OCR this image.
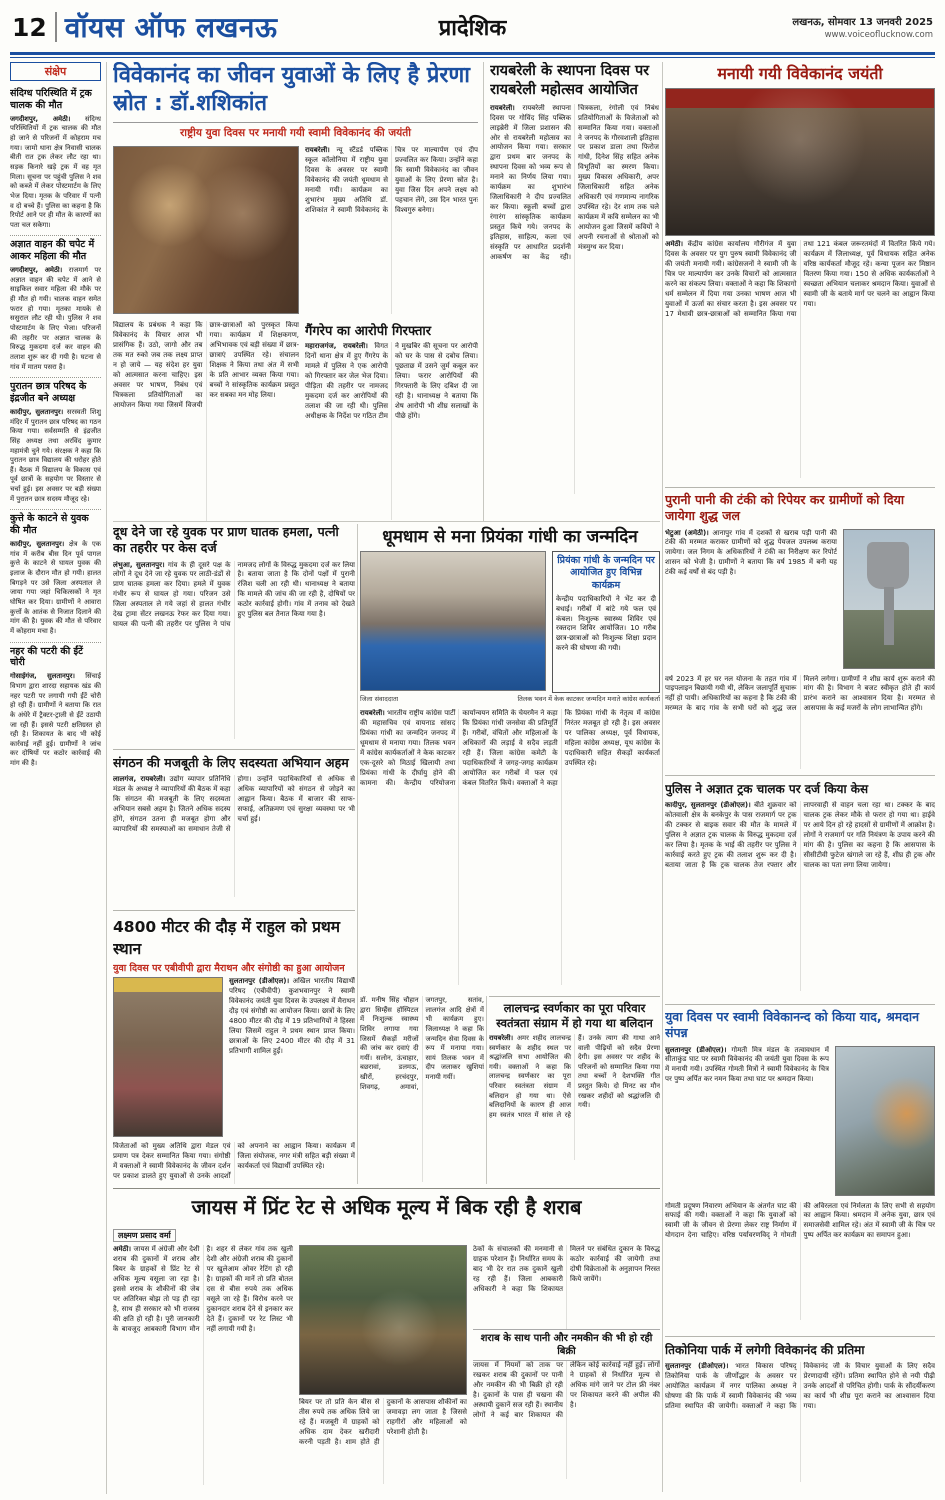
12 वॉयस ऑफ लखनऊ	प्रादेशिक	लखनऊ, सोमवार 13 जनवरी 2025
www.voiceoflucknow.com
संक्षेप
संदिग्ध परिस्थिति में ट्रक चालक की मौत

जगदीशपुर, अमेठी। संदिग्ध परिस्थितियों में ट्रक चालक की मौत हो जाने से परिजनों में कोहराम मच गया। जामो थाना क्षेत्र निवासी चालक बीती रात ट्रक लेकर लौट रहा था। सड़क किनारे खड़े ट्रक में वह मृत मिला। सूचना पर पहुंची पुलिस ने शव को कब्जे में लेकर पोस्टमार्टम के लिए भेज दिया। मृतक के परिवार में पत्नी व दो बच्चे हैं। पुलिस का कहना है कि रिपोर्ट आने पर ही मौत के कारणों का पता चल सकेगा।

अज्ञात वाहन की चपेट में आकर महिला की मौत

जगदीशपुर, अमेठी। राजमार्ग पर अज्ञात वाहन की चपेट में आने से साइकिल सवार महिला की मौके पर ही मौत हो गयी। चालक वाहन समेत फरार हो गया। मृतका मायके से ससुराल लौट रही थी। पुलिस ने शव पोस्टमार्टम के लिए भेजा। परिजनों की तहरीर पर अज्ञात चालक के विरुद्ध मुकदमा दर्ज कर वाहन की तलाश शुरू कर दी गयी है। घटना से गांव में मातम पसरा है।

पुरातन छात्र परिषद के इंद्रजीत बने अध्यक्ष

कादीपुर, सुलतानपुर। सरस्वती शिशु मंदिर में पुरातन छात्र परिषद का गठन किया गया। सर्वसम्मति से इंद्रजीत सिंह अध्यक्ष तथा अरविंद कुमार महामंत्री चुने गये। संरक्षक ने कहा कि पुरातन छात्र विद्यालय की धरोहर होते हैं। बैठक में विद्यालय के विकास एवं पूर्व छात्रों के सहयोग पर विस्तार से चर्चा हुई। इस अवसर पर बड़ी संख्या में पुरातन छात्र सदस्य मौजूद रहे।

कुत्ते के काटने से युवक की मौत

कादीपुर, सुलतानपुर। क्षेत्र के एक गांव में करीब बीस दिन पूर्व पागल कुत्ते के काटने से घायल युवक की इलाज के दौरान मौत हो गयी। हालत बिगड़ने पर उसे जिला अस्पताल ले जाया गया जहां चिकित्सकों ने मृत घोषित कर दिया। ग्रामीणों ने आवारा कुत्तों के आतंक से निजात दिलाने की मांग की है। युवक की मौत से परिवार में कोहराम मचा है।

नहर की पटरी की ईंटें चोरी

गोसाईगंज, सुलतानपुर। सिंचाई विभाग द्वारा शारदा सहायक खंड की नहर पटरी पर लगायी गयी ईंटें चोरी हो रही हैं। ग्रामीणों ने बताया कि रात के अंधेरे में ट्रैक्टर-ट्राली से ईंटें उठायी जा रही हैं। इससे पटरी क्षतिग्रस्त हो रही है। शिकायत के बाद भी कोई कार्रवाई नहीं हुई। ग्रामीणों ने जांच कर दोषियों पर कठोर कार्रवाई की मांग की है।

विवेकानंद का जीवन युवाओं के लिए है प्रेरणा स्रोत : डॉ.शशिकांत
राष्ट्रीय युवा दिवस पर मनायी गयी स्वामी विवेकानंद की जयंती

रायबरेली। न्यू स्टैंडर्ड पब्लिक स्कूल कॉलोनिया में राष्ट्रीय युवा दिवस के अवसर पर स्वामी विवेकानंद की जयंती धूमधाम से मनायी गयी। कार्यक्रम का शुभारंभ मुख्य अतिथि डॉ. शशिकांत ने स्वामी विवेकानंद के चित्र पर माल्यार्पण एवं दीप प्रज्वलित कर किया। उन्होंने कहा कि स्वामी विवेकानंद का जीवन युवाओं के लिए प्रेरणा स्रोत है। युवा जिस दिन अपने लक्ष्य को पहचान लेंगे, उस दिन भारत पुनः विश्वगुरु बनेगा।

विद्यालय के प्रबंधक ने कहा कि विवेकानंद के विचार आज भी प्रासंगिक हैं। उठो, जागो और तब तक मत रुको जब तक लक्ष्य प्राप्त न हो जाये — यह संदेश हर युवा को आत्मसात करना चाहिए। इस अवसर पर भाषण, निबंध एवं चित्रकला प्रतियोगिताओं का आयोजन किया गया जिसमें विजयी छात्र-छात्राओं को पुरस्कृत किया गया। कार्यक्रम में शिक्षकगण, अभिभावक एवं बड़ी संख्या में छात्र-छात्राएं उपस्थित रहे। संचालन शिक्षक ने किया तथा अंत में सभी के प्रति आभार व्यक्त किया गया। बच्चों ने सांस्कृतिक कार्यक्रम प्रस्तुत कर सबका मन मोह लिया।

गैंगरेप का आरोपी गिरफ्तार

महाराजगंज, रायबरेली। विगत दिनों थाना क्षेत्र में हुए गैंगरेप के मामले में पुलिस ने एक आरोपी को गिरफ्तार कर जेल भेज दिया। पीड़िता की तहरीर पर नामजद मुकदमा दर्ज कर आरोपियों की तलाश की जा रही थी। पुलिस अधीक्षक के निर्देश पर गठित टीम ने मुखबिर की सूचना पर आरोपी को घर के पास से दबोच लिया। पूछताछ में उसने जुर्म कबूल कर लिया। फरार आरोपियों की गिरफ्तारी के लिए दबिश दी जा रही है। थानाध्यक्ष ने बताया कि शेष आरोपी भी शीघ्र सलाखों के पीछे होंगे।

रायबरेली के स्थापना दिवस पर रायबरेली महोत्सव आयोजित

रायबरेली। रायबरेली स्थापना दिवस पर गोविंद सिंह पब्लिक लाइब्रेरी में जिला प्रशासन की ओर से रायबरेली महोत्सव का आयोजन किया गया। सरकार द्वारा प्रथम बार जनपद के स्थापना दिवस को भव्य रूप से मनाने का निर्णय लिया गया। कार्यक्रम का शुभारंभ जिलाधिकारी ने दीप प्रज्वलित कर किया। स्कूली बच्चों द्वारा रंगारंग सांस्कृतिक कार्यक्रम प्रस्तुत किये गये। जनपद के इतिहास, साहित्य, कला एवं संस्कृति पर आधारित प्रदर्शनी आकर्षण का केंद्र रही। चित्रकला, रंगोली एवं निबंध प्रतियोगिताओं के विजेताओं को सम्मानित किया गया। वक्ताओं ने जनपद के गौरवशाली इतिहास पर प्रकाश डाला तथा फिरोज गांधी, दिनेश सिंह सहित अनेक विभूतियों का स्मरण किया। मुख्य विकास अधिकारी, अपर जिलाधिकारी सहित अनेक अधिकारी एवं गणमान्य नागरिक उपस्थित रहे। देर शाम तक चले कार्यक्रम में कवि सम्मेलन का भी आयोजन हुआ जिसमें कवियों ने अपनी रचनाओं से श्रोताओं को मंत्रमुग्ध कर दिया।

मनायी गयी विवेकानंद जयंती

अमेठी। केंद्रीय कांग्रेस कार्यालय गौरीगंज में युवा दिवस के अवसर पर युग पुरुष स्वामी विवेकानंद जी की जयंती मनायी गयी। कांग्रेसजनों ने स्वामी जी के चित्र पर माल्यार्पण कर उनके विचारों को आत्मसात करने का संकल्प लिया। वक्ताओं ने कहा कि शिकागो धर्म सम्मेलन में दिया गया उनका भाषण आज भी युवाओं में ऊर्जा का संचार करता है। इस अवसर पर 17 मेधावी छात्र-छात्राओं को सम्मानित किया गया तथा 121 कंबल जरूरतमंदों में वितरित किये गये। कार्यक्रम में जिलाध्यक्ष, पूर्व विधायक सहित अनेक वरिष्ठ कार्यकर्ता मौजूद रहे। कन्या पूजन कर मिष्ठान वितरण किया गया। 150 से अधिक कार्यकर्ताओं ने स्वच्छता अभियान चलाकर श्रमदान किया। युवाओं से स्वामी जी के बताये मार्ग पर चलने का आह्वान किया गया।

धूमधाम से मना प्रियंका गांधी का जन्मदिन
प्रियंका गांधी के जन्मदिन पर आयोजित हुए विभिन्न कार्यक्रम
केन्द्रीय पदाधिकारियों ने भेंट कर दी बधाई। गरीबों में बांटे गये फल एवं कंबल। निःशुल्क स्वास्थ्य शिविर एवं रक्तदान शिविर आयोजित। 10 गरीब छात्र-छात्राओं को निःशुल्क शिक्षा प्रदान करने की घोषणा की गयी।
जिला संवाददाता	तिलक भवन में केक काटकर जन्मदिन मनाते कांग्रेस कार्यकर्ता

रायबरेली। भारतीय राष्ट्रीय कांग्रेस पार्टी की महासचिव एवं वायनाड सांसद प्रियंका गांधी का जन्मदिन जनपद में धूमधाम से मनाया गया। तिलक भवन में कांग्रेस कार्यकर्ताओं ने केक काटकर एक-दूसरे को मिठाई खिलायी तथा प्रियंका गांधी के दीर्घायु होने की कामना की। केन्द्रीय परियोजना कार्यान्वयन समिति के चेयरमैन ने कहा कि प्रियंका गांधी जनसेवा की प्रतिमूर्ति हैं। गरीबों, वंचितों और महिलाओं के अधिकारों की लड़ाई वे सदैव लड़ती रही हैं। जिला कांग्रेस कमेटी के पदाधिकारियों ने जगह-जगह कार्यक्रम आयोजित कर गरीबों में फल एवं कंबल वितरित किये। वक्ताओं ने कहा कि प्रियंका गांधी के नेतृत्व में कांग्रेस निरंतर मजबूत हो रही है। इस अवसर पर पालिका अध्यक्ष, पूर्व विधायक, महिला कांग्रेस अध्यक्ष, यूथ कांग्रेस के पदाधिकारी सहित सैकड़ों कार्यकर्ता उपस्थित रहे।

डॉ. मनीष सिंह चौहान द्वारा सिम्हैंस हॉस्पिटल में निःशुल्क स्वास्थ्य शिविर लगाया गया जिसमें सैकड़ों मरीजों की जांच कर दवाएं दी गयीं। सलोन, ऊंचाहार, बछरावां, डलमऊ, खीरों, हरचंदपुर, शिवगढ़, अमावां, जगतपुर, सतांव, लालगंज आदि क्षेत्रों में भी कार्यक्रम हुए। जिलाध्यक्ष ने कहा कि जन्मदिन सेवा दिवस के रूप में मनाया गया। सायं तिलक भवन में दीप जलाकर खुशियां मनायी गयीं।

दूध देने जा रहे युवक पर प्राण घातक हमला, पत्नी का तहरीर पर केस दर्ज

लंभुआ, सुलतानपुर। गांव के ही दूसरे पक्ष के लोगों ने दूध देने जा रहे युवक पर लाठी-डंडों से प्राण घातक हमला कर दिया। हमले में युवक गंभीर रूप से घायल हो गया। परिजन उसे जिला अस्पताल ले गये जहां से हालत गंभीर देख ट्रामा सेंटर लखनऊ रेफर कर दिया गया। घायल की पत्नी की तहरीर पर पुलिस ने पांच नामजद लोगों के विरुद्ध मुकदमा दर्ज कर लिया है। बताया जाता है कि दोनों पक्षों में पुरानी रंजिश चली आ रही थी। थानाध्यक्ष ने बताया कि मामले की जांच की जा रही है, दोषियों पर कठोर कार्रवाई होगी। गांव में तनाव को देखते हुए पुलिस बल तैनात किया गया है।

संगठन की मजबूती के लिए सदस्यता अभियान अहम

लालगंज, रायबरेली। उद्योग व्यापार प्रतिनिधि मंडल के अध्यक्ष ने व्यापारियों की बैठक में कहा कि संगठन की मजबूती के लिए सदस्यता अभियान सबसे अहम है। जितने अधिक सदस्य होंगे, संगठन उतना ही मजबूत होगा और व्यापारियों की समस्याओं का समाधान तेजी से होगा। उन्होंने पदाधिकारियों से अधिक से अधिक व्यापारियों को संगठन से जोड़ने का आह्वान किया। बैठक में बाजार की साफ-सफाई, अतिक्रमण एवं सुरक्षा व्यवस्था पर भी चर्चा हुई।

4800 मीटर की दौड़ में राहुल को प्रथम स्थान
युवा दिवस पर एबीवीपी द्वारा मैराथन और संगोष्ठी का हुआ आयोजन

सुलतानपुर (डीओएल)। अखिल भारतीय विद्यार्थी परिषद (एबीवीपी) कुशभवानपुर ने स्वामी विवेकानंद जयंती युवा दिवस के उपलक्ष्य में मैराथन दौड़ एवं संगोष्ठी का आयोजन किया। छात्रों के लिए 4800 मीटर की दौड़ में 19 प्रतिभागियों ने हिस्सा लिया जिसमें राहुल ने प्रथम स्थान प्राप्त किया। छात्राओं के लिए 2400 मीटर की दौड़ में 31 प्रतिभागी शामिल हुईं।

विजेताओं को मुख्य अतिथि द्वारा मेडल एवं प्रमाण पत्र देकर सम्मानित किया गया। संगोष्ठी में वक्ताओं ने स्वामी विवेकानंद के जीवन दर्शन पर प्रकाश डालते हुए युवाओं से उनके आदर्शों को अपनाने का आह्वान किया। कार्यक्रम में जिला संयोजक, नगर मंत्री सहित बड़ी संख्या में कार्यकर्ता एवं विद्यार्थी उपस्थित रहे।

लालचन्द्र स्वर्णकार का पूरा परिवार स्वतंत्रता संग्राम में हो गया था बलिदान

रायबरेली। अमर शहीद लालचन्द्र स्वर्णकार के शहीद स्थल पर श्रद्धांजलि सभा आयोजित की गयी। वक्ताओं ने कहा कि लालचन्द्र स्वर्णकार का पूरा परिवार स्वतंत्रता संग्राम में बलिदान हो गया था। ऐसे बलिदानियों के कारण ही आज हम स्वतंत्र भारत में सांस ले रहे हैं। उनके त्याग की गाथा आने वाली पीढ़ियों को सदैव प्रेरणा देगी। इस अवसर पर शहीद के परिजनों को सम्मानित किया गया तथा बच्चों ने देशभक्ति गीत प्रस्तुत किये। दो मिनट का मौन रखकर शहीदों को श्रद्धांजलि दी गयी।

पुरानी पानी की टंकी को रिपेयर कर ग्रामीणों को दिया जायेगा शुद्ध जल

भेटुआ (अमेठी)। आनापुर गांव में दशकों से खराब पड़ी पानी की टंकी की मरम्मत कराकर ग्रामीणों को शुद्ध पेयजल उपलब्ध कराया जायेगा। जल निगम के अधिकारियों ने टंकी का निरीक्षण कर रिपोर्ट शासन को भेजी है। ग्रामीणों ने बताया कि वर्ष 1985 में बनी यह टंकी कई वर्षों से बंद पड़ी है।

वर्ष 2023 में हर घर नल योजना के तहत गांव में पाइपलाइन बिछायी गयी थी, लेकिन जलापूर्ति सुचारू नहीं हो पायी। अधिकारियों का कहना है कि टंकी की मरम्मत के बाद गांव के सभी घरों को शुद्ध जल मिलने लगेगा। ग्रामीणों ने शीघ्र कार्य शुरू कराने की मांग की है। विभाग ने बजट स्वीकृत होते ही कार्य प्रारंभ कराने का आश्वासन दिया है। मरम्मत से आसपास के कई मजरों के लोग लाभान्वित होंगे।

पुलिस ने अज्ञात ट्रक चालक पर दर्ज किया केस

कादीपुर, सुलतानपुर (डीओएल)। बीते शुक्रवार को कोतवाली क्षेत्र के बनकेपुर के पास राजमार्ग पर ट्रक की टक्कर से बाइक सवार की मौत के मामले में पुलिस ने अज्ञात ट्रक चालक के विरुद्ध मुकदमा दर्ज कर लिया है। मृतक के भाई की तहरीर पर पुलिस ने कार्रवाई करते हुए ट्रक की तलाश शुरू कर दी है। बताया जाता है कि ट्रक चालक तेज रफ्तार और लापरवाही से वाहन चला रहा था। टक्कर के बाद चालक ट्रक लेकर मौके से फरार हो गया था। हाईवे पर आये दिन हो रहे हादसों से ग्रामीणों में आक्रोश है। लोगों ने राजमार्ग पर गति नियंत्रण के उपाय करने की मांग की है। पुलिस का कहना है कि आसपास के सीसीटीवी फुटेज खंगाले जा रहे हैं, शीघ्र ही ट्रक और चालक का पता लगा लिया जायेगा।

युवा दिवस पर स्वामी विवेकानन्द को किया याद, श्रमदान संपन्न

सुलतानपुर (डीओएल)। गोमती मित्र मंडल के तत्वावधान में सीताकुंड घाट पर स्वामी विवेकानंद की जयंती युवा दिवस के रूप में मनायी गयी। उपस्थित गोमती मित्रों ने स्वामी विवेकानंद के चित्र पर पुष्प अर्पित कर नमन किया तथा घाट पर श्रमदान किया।

गोमती प्रदूषण निवारण अभियान के अंतर्गत घाट की सफाई की गयी। वक्ताओं ने कहा कि युवाओं को स्वामी जी के जीवन से प्रेरणा लेकर राष्ट्र निर्माण में योगदान देना चाहिए। वरिष्ठ पर्यावरणविद् ने गोमती की अविरलता एवं निर्मलता के लिए सभी से सहयोग का आह्वान किया। श्रमदान में अनेक युवा, छात्र एवं समाजसेवी शामिल रहे। अंत में स्वामी जी के चित्र पर पुष्प अर्पित कर कार्यक्रम का समापन हुआ।

तिकोनिया पार्क में लगेगी विवेकानंद की प्रतिमा

सुलतानपुर (डीओएल)। भारत विकास परिषद् तिकोनिया पार्क के जीर्णोद्धार के अवसर पर आयोजित कार्यक्रम में नगर पालिका अध्यक्ष ने घोषणा की कि पार्क में स्वामी विवेकानंद की भव्य प्रतिमा स्थापित की जायेगी। वक्ताओं ने कहा कि विवेकानंद जी के विचार युवाओं के लिए सदैव प्रेरणादायी रहेंगे। प्रतिमा स्थापित होने से नयी पीढ़ी उनके आदर्शों से परिचित होगी। पार्क के सौंदर्यीकरण का कार्य भी शीघ्र पूरा कराने का आश्वासन दिया गया।

जायस में प्रिंट रेट से अधिक मूल्य में बिक रही है शराब
लक्ष्मण प्रसाद वर्मा

अमेठी। जायस में अंग्रेजी और देशी शराब की दुकानों में शराब और बियर के ग्राहकों से प्रिंट रेट से अधिक मूल्य वसूला जा रहा है। इससे शराब के शौकीनों की जेब पर अतिरिक्त बोझ तो पड़ ही रहा है, साथ ही सरकार को भी राजस्व की क्षति हो रही है। पूरी जानकारी के बावजूद आबकारी विभाग मौन है। शहर से लेकर गांव तक खुली देशी और अंग्रेजी शराब की दुकानों पर खुलेआम ओवर रेटिंग हो रही है। ग्राहकों की मानें तो प्रति बोतल दस से बीस रुपये तक अधिक वसूले जा रहे हैं। विरोध करने पर दुकानदार शराब देने से इनकार कर देते हैं। दुकानों पर रेट लिस्ट भी नहीं लगायी गयी है।

बियर पर तो प्रति केन बीस से तीस रुपये तक अधिक लिये जा रहे हैं। मजबूरी में ग्राहकों को अधिक दाम देकर खरीदारी करनी पड़ती है। शाम होते ही दुकानों के आसपास शौकीनों का जमावड़ा लग जाता है जिससे राहगीरों और महिलाओं को परेशानी होती है।

ठेकों के संचालकों की मनमानी से ग्राहक परेशान हैं। निर्धारित समय के बाद भी देर रात तक दुकानें खुली रह रही हैं। जिला आबकारी अधिकारी ने कहा कि शिकायत मिलने पर संबंधित दुकान के विरुद्ध कठोर कार्रवाई की जायेगी तथा दोषी विक्रेताओं के अनुज्ञापन निरस्त किये जायेंगे।

शराब के साथ पानी और नमकीन की भी हो रही बिक्री

जायस में नियमों को ताक पर रखकर शराब की दुकानों पर पानी और नमकीन की भी बिक्री हो रही है। दुकानों के पास ही चखना की अस्थायी दुकानें सज रही हैं। स्थानीय लोगों ने कई बार शिकायत की लेकिन कोई कार्रवाई नहीं हुई। लोगों ने ग्राहकों से निर्धारित मूल्य से अधिक मांगे जाने पर टोल फ्री नंबर पर शिकायत करने की अपील की है।
